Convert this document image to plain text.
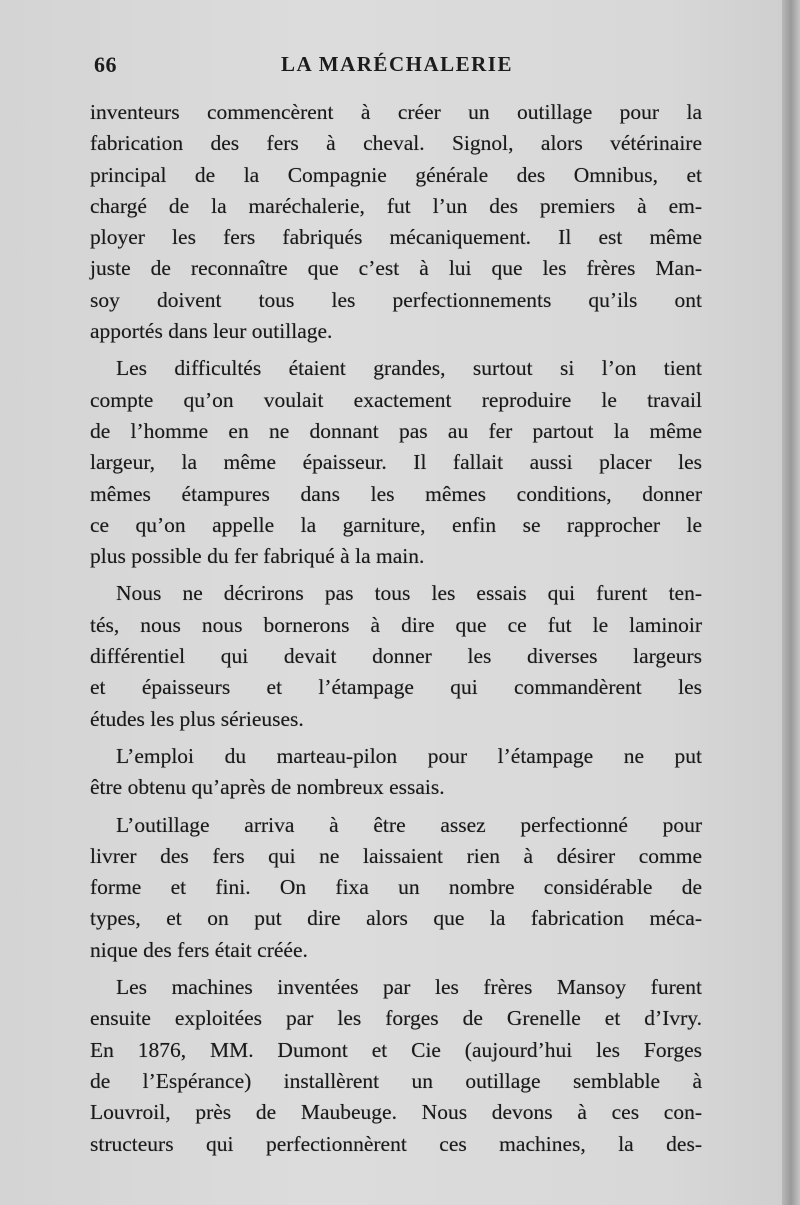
66	LA MARÉCHALERIE

inventeurs commencèrent à créer un outillage pour la
fabrication des fers à cheval. Signol, alors vétérinaire
principal de la Compagnie générale des Omnibus, et
chargé de la maréchalerie, fut l’un des premiers à em-
ployer les fers fabriqués mécaniquement. Il est même
juste de reconnaître que c’est à lui que les frères Man-
soy doivent tous les perfectionnements qu’ils ont
apportés dans leur outillage.

Les difficultés étaient grandes, surtout si l’on tient
compte qu’on voulait exactement reproduire le travail
de l’homme en ne donnant pas au fer partout la même
largeur, la même épaisseur. Il fallait aussi placer les
mêmes étampures dans les mêmes conditions, donner
ce qu’on appelle la garniture, enfin se rapprocher le
plus possible du fer fabriqué à la main.

Nous ne décrirons pas tous les essais qui furent ten-
tés, nous nous bornerons à dire que ce fut le laminoir
différentiel qui devait donner les diverses largeurs
et épaisseurs et l’étampage qui commandèrent les
études les plus sérieuses.

L’emploi du marteau-pilon pour l’étampage ne put
être obtenu qu’après de nombreux essais.

L’outillage arriva à être assez perfectionné pour
livrer des fers qui ne laissaient rien à désirer comme
forme et fini. On fixa un nombre considérable de
types, et on put dire alors que la fabrication méca-
nique des fers était créée.

Les machines inventées par les frères Mansoy furent
ensuite exploitées par les forges de Grenelle et d’Ivry.
En 1876, MM. Dumont et Cie (aujourd’hui les Forges
de l’Espérance) installèrent un outillage semblable à
Louvroil, près de Maubeuge. Nous devons à ces con-
structeurs qui perfectionnèrent ces machines, la des-
